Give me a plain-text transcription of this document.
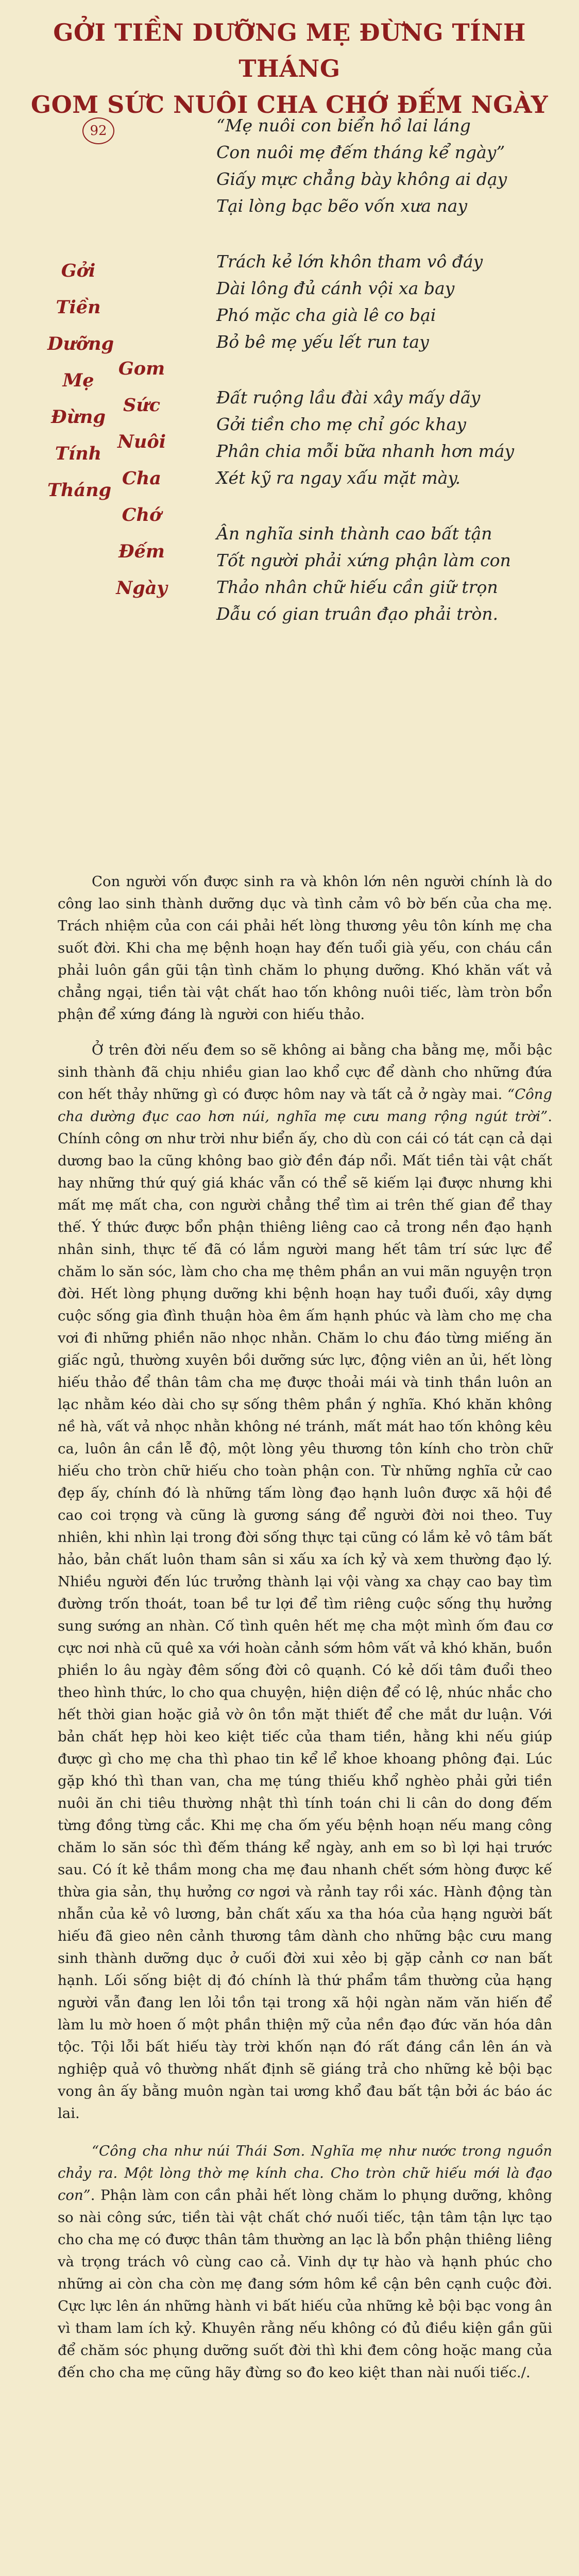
GỞI TIỀN DƯỠNG MẸ ĐỪNG TÍNH THÁNG
GOM SỨC NUÔI CHA CHỚ ĐẾM NGÀY
92
Gởi
Tiền
Dưỡng
Mẹ
Đừng
Tính
Tháng
Gom
Sức
Nuôi
Cha
Chớ
Đếm
Ngày
“Mẹ nuôi con biển hồ lai láng
Con nuôi mẹ đếm tháng kể ngày”
Giấy mực chẳng bày không ai dạy
Tại lòng bạc bẽo vốn xưa nay
Trách kẻ lớn khôn tham vô đáy
Dài lông đủ cánh vội xa bay
Phó mặc cha già lê co bại
Bỏ bê mẹ yếu lết run tay
Đất ruộng lầu đài xây mấy dãy
Gởi tiền cho mẹ chỉ góc khay
Phân chia mỗi bữa nhanh hơn máy
Xét kỹ ra ngay xấu mặt mày.
Ân nghĩa sinh thành cao bất tận
Tốt người phải xứng phận làm con
Thảo nhân chữ hiếu cần giữ trọn
Dẫu có gian truân đạo phải tròn.

Con người vốn được sinh ra và khôn lớn nên người chính là do công lao sinh thành dưỡng dục và tình cảm vô bờ bến của cha mẹ. Trách nhiệm của con cái phải hết lòng thương yêu tôn kính mẹ cha suốt đời. Khi cha mẹ bệnh hoạn hay đến tuổi già yếu, con cháu cần phải luôn gần gũi tận tình chăm lo phụng dưỡng. Khó khăn vất vả chẳng ngại, tiền tài vật chất hao tốn không nuôi tiếc, làm tròn bổn phận để xứng đáng là người con hiếu thảo.

Ở trên đời nếu đem so sẽ không ai bằng cha bằng mẹ, mỗi bậc sinh thành đã chịu nhiều gian lao khổ cực để dành cho những đứa con hết thảy những gì có được hôm nay và tất cả ở ngày mai. “Công cha dường đục cao hơn núi, nghĩa mẹ cưu mang rộng ngút trời”. Chính công ơn như trời như biển ấy, cho dù con cái có tát cạn cả dại dương bao la cũng không bao giờ đền đáp nổi. Mất tiền tài vật chất hay những thứ quý giá khác vẫn có thể sẽ kiếm lại được nhưng khi mất mẹ mất cha, con người chẳng thể tìm ai trên thế gian để thay thế. Ý thức được bổn phận thiêng liêng cao cả trong nền đạo hạnh nhân sinh, thực tế đã có lắm người mang hết tâm trí sức lực để chăm lo săn sóc, làm cho cha mẹ thêm phần an vui mãn nguyện trọn đời. Hết lòng phụng dưỡng khi bệnh hoạn hay tuổi đuối, xây dựng cuộc sống gia đình thuận hòa êm ấm hạnh phúc và làm cho mẹ cha vơi đi những phiền não nhọc nhằn. Chăm lo chu đáo từng miếng ăn giấc ngủ, thường xuyên bồi dưỡng sức lực, động viên an ủi, hết lòng hiếu thảo để thân tâm cha mẹ được thoải mái và tinh thần luôn an lạc nhằm kéo dài cho sự sống thêm phần ý nghĩa. Khó khăn không nề hà, vất vả nhọc nhằn không né tránh, mất mát hao tốn không kêu ca, luôn ân cần lễ độ, một lòng yêu thương tôn kính cho tròn chữ hiếu cho tròn chữ hiếu cho toàn phận con. Từ những nghĩa cử cao đẹp ấy, chính đó là những tấm lòng đạo hạnh luôn được xã hội đề cao coi trọng và cũng là gương sáng để người đời noi theo. Tuy nhiên, khi nhìn lại trong đời sống thực tại cũng có lắm kẻ vô tâm bất hảo, bản chất luôn tham sân si xấu xa ích kỷ và xem thường đạo lý. Nhiều người đến lúc trưởng thành lại vội vàng xa chạy cao bay tìm đường trốn thoát, toan bề tư lợi để tìm riêng cuộc sống thụ hưởng sung sướng an nhàn. Cố tình quên hết mẹ cha một mình ốm đau cơ cực nơi nhà cũ quê xa với hoàn cảnh sớm hôm vất vả khó khăn, buồn phiền lo âu ngày đêm sống đời cô quạnh. Có kẻ dối tâm đuổi theo theo hình thức, lo cho qua chuyện, hiện diện để có lệ, nhúc nhắc cho hết thời gian hoặc giả vờ ôn tồn mặt thiết để che mắt dư luận. Với bản chất hẹp hòi keo kiệt tiếc của tham tiền, hằng khi nếu giúp được gì cho mẹ cha thì phao tin kể lể khoe khoang phông đại. Lúc gặp khó thì than van, cha mẹ túng thiếu khổ nghèo phải gửi tiền nuôi ăn chi tiêu thường nhật thì tính toán chi li cân do dong đếm từng đồng từng cắc. Khi mẹ cha ốm yếu bệnh hoạn nếu mang công chăm lo săn sóc thì đếm tháng kể ngày, anh em so bì lợi hại trước sau. Có ít kẻ thầm mong cha mẹ đau nhanh chết sớm hòng được kế thừa gia sản, thụ hưởng cơ ngơi và rảnh tay rồi xác. Hành động tàn nhẫn của kẻ vô lương, bản chất xấu xa tha hóa của hạng người bất hiếu đã gieo nên cảnh thương tâm dành cho những bậc cưu mang sinh thành dưỡng dục ở cuối đời xui xẻo bị gặp cảnh cơ nan bất hạnh. Lối sống biệt dị đó chính là thứ phẩm tầm thường của hạng người vẫn đang len lỏi tồn tại trong xã hội ngàn năm văn hiến để làm lu mờ hoen ố một phần thiện mỹ của nền đạo đức văn hóa dân tộc. Tội lỗi bất hiếu tày trời khốn nạn đó rất đáng cần lên án và nghiệp quả vô thường nhất định sẽ giáng trả cho những kẻ bội bạc vong ân ấy bằng muôn ngàn tai ương khổ đau bất tận bởi ác báo ác lai.

“Công cha như núi Thái Sơn. Nghĩa mẹ như nước trong nguồn chảy ra. Một lòng thờ mẹ kính cha. Cho tròn chữ hiếu mới là đạo con”. Phận làm con cần phải hết lòng chăm lo phụng dưỡng, không so nài công sức, tiền tài vật chất chớ nuối tiếc, tận tâm tận lực tạo cho cha mẹ có được thân tâm thường an lạc là bổn phận thiêng liêng và trọng trách vô cùng cao cả. Vinh dự tự hào và hạnh phúc cho những ai còn cha còn mẹ đang sớm hôm kề cận bên cạnh cuộc đời. Cực lực lên án những hành vi bất hiếu của những kẻ bội bạc vong ân vì tham lam ích kỷ. Khuyên rằng nếu không có đủ điều kiện gần gũi để chăm sóc phụng dưỡng suốt đời thì khi đem công hoặc mang của đến cho cha mẹ cũng hãy đừng so đo keo kiệt than nài nuối tiếc./.
